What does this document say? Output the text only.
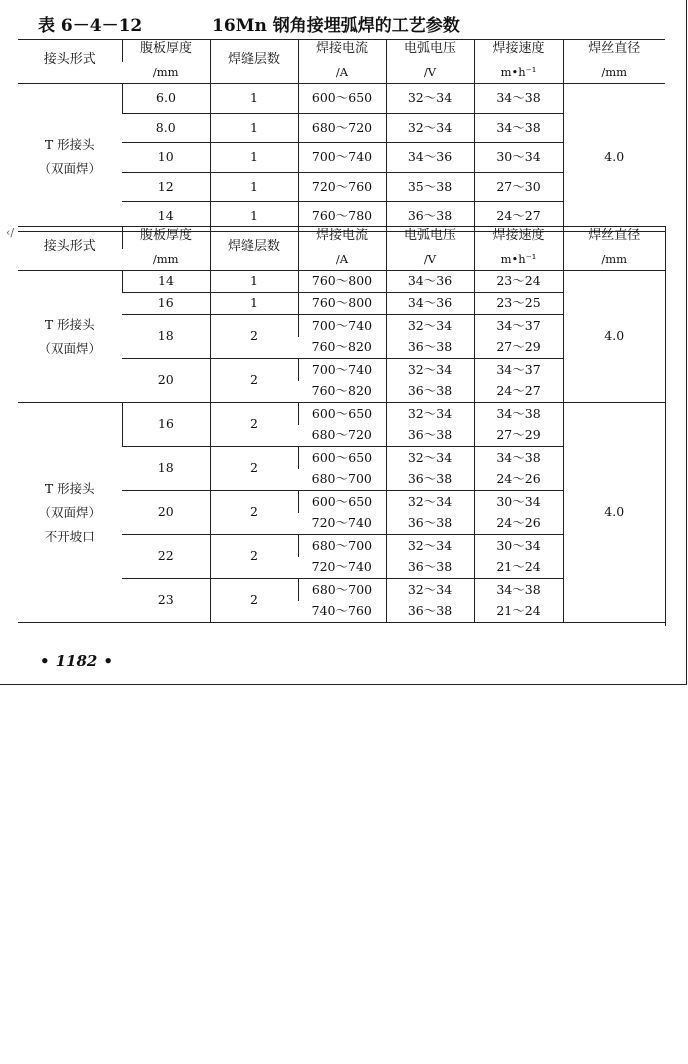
表 6－4－12	16Mn 钢角接埋弧焊的工艺参数
接头形式	腹板厚度	焊缝层数	焊接电流	电弧电压	焊接速度	焊丝直径
	/mm		/A	/V	m•h⁻¹	/mm

T 形接头
（双面焊）	6.0	1	600～650	32～34	34～38	4.0
	8.0	1	680～720	32～34	34～38	
	10	1	700～740	34～36	30～34	
	12	1	720～760	35～38	27～30	
	14	1	760～780	36～38	24～27	
‹/
接头形式	腹板厚度	焊缝层数	焊接电流	电弧电压	焊接速度	焊丝直径
	/mm		/A	/V	m•h⁻¹	/mm

T 形接头
（双面焊）	14	1	760～800	34～36	23～24	4.0
	16	1	760～800	34～36	23～25	
	18	2	700～740	32～34	34～37	
			760～820	36～38	27～29	
	20	2	700～740	32～34	34～37	
			760～820	36～38	24～27	

T 形接头
（双面焊）
不开坡口	16	2	600～650	32～34	34～38	4.0
			680～720	36～38	27～29	
	18	2	600～650	32～34	34～38	
			680～700	36～38	24～26	
	20	2	600～650	32～34	30～34	
			720～740	36～38	24～26	
	22	2	680～700	32～34	30～34	
			720～740	36～38	21～24	
	23	2	680～700	32～34	34～38	
			740～760	36～38	21～24	
• 1182 •
